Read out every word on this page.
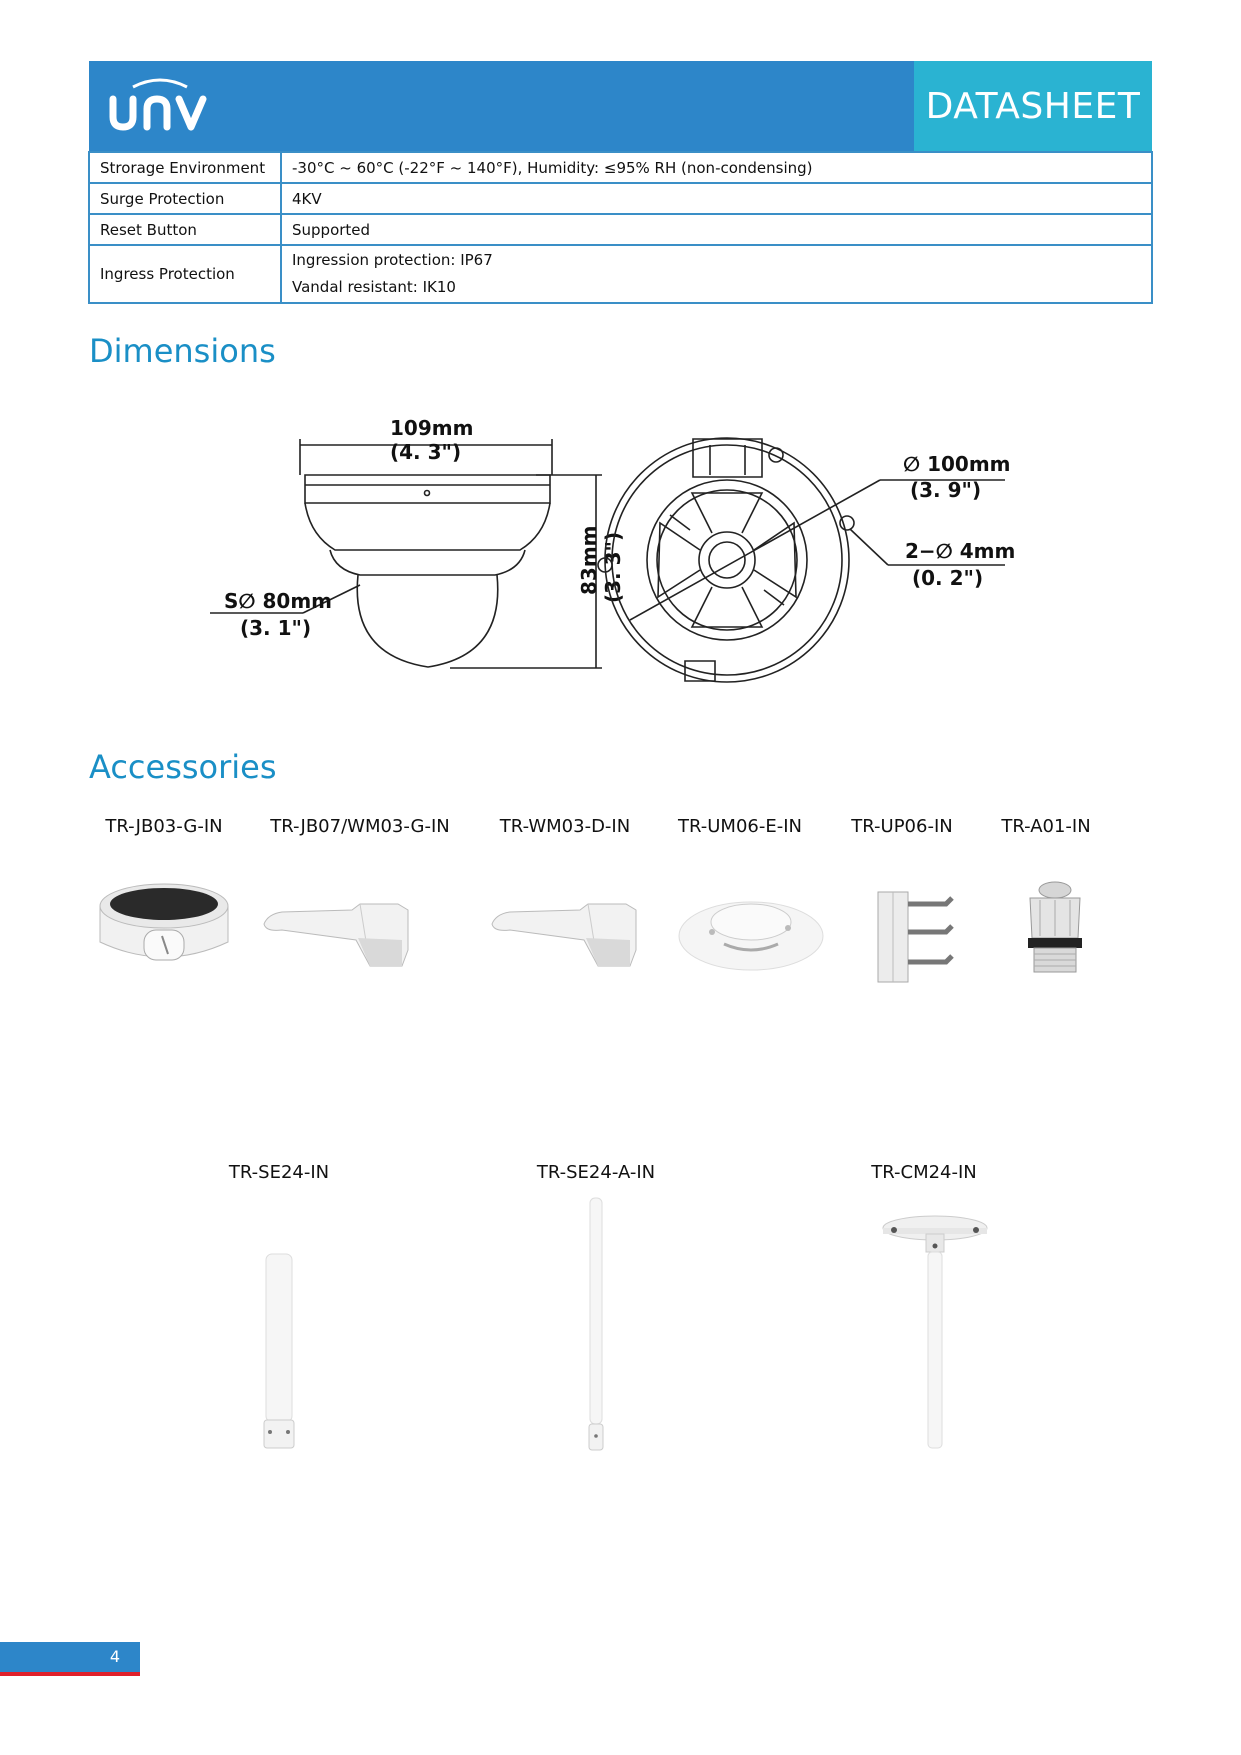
DATASHEET
Strorage Environment	-30°C ~ 60°C (-22°F ~ 140°F), Humidity: ≤95% RH (non-condensing)
Surge Protection	4KV
Reset Button	Supported
Ingress Protection	Ingression protection: IP67
Vandal resistant: IK10
Dimensions
109mm
(4. 3")
83mm (3. 3")
S∅ 80mm
(3. 1")
∅ 100mm
(3. 9")
2−∅ 4mm
(0. 2")
Accessories
TR-JB03-G-IN	TR-JB07/WM03-G-IN	TR-WM03-D-IN	TR-UM06-E-IN	TR-UP06-IN	TR-A01-IN
TR-SE24-IN	TR-SE24-A-IN	TR-CM24-IN
4
